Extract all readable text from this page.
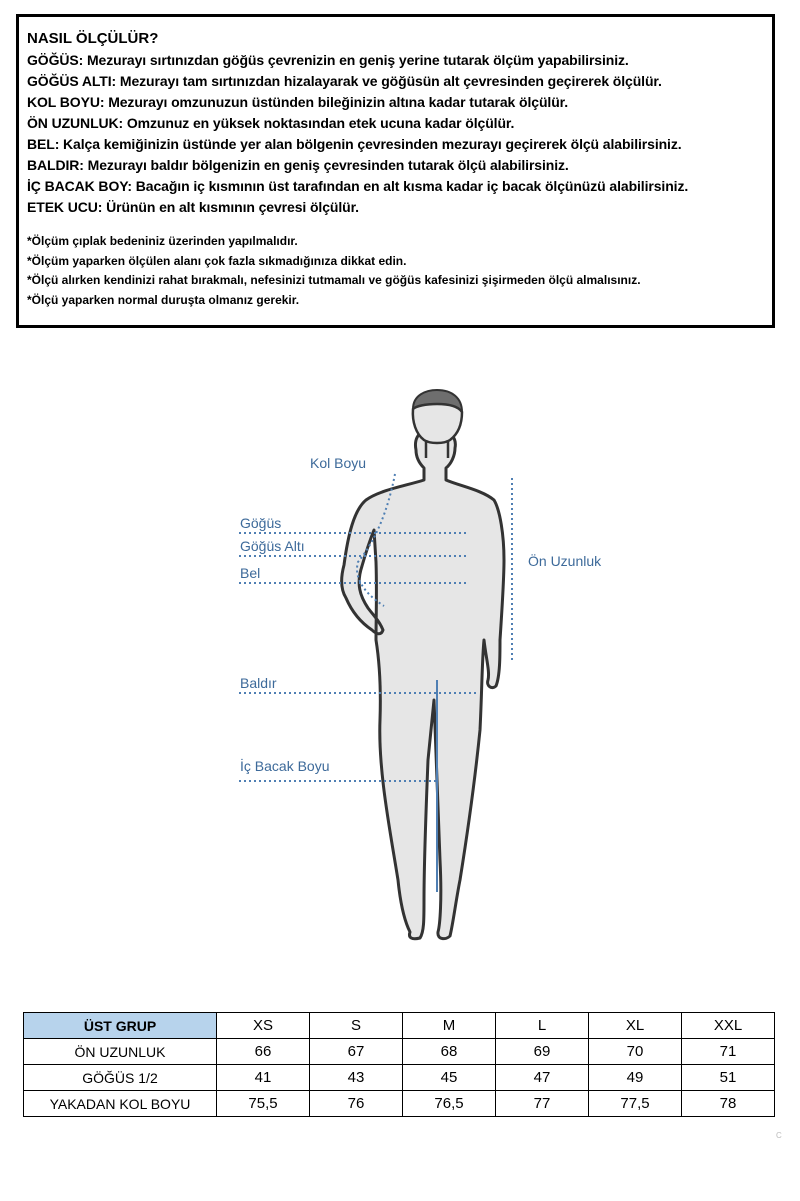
NASIL ÖLÇÜLÜR?
GÖĞÜS: Mezurayı sırtınızdan göğüs çevrenizin en geniş yerine tutarak ölçüm yapabilirsiniz.
GÖĞÜS ALTI: Mezurayı tam sırtınızdan hizalayarak ve göğüsün alt çevresinden geçirerek ölçülür.
KOL BOYU: Mezurayı omzunuzun üstünden bileğinizin altına kadar tutarak ölçülür.
ÖN UZUNLUK: Omzunuz en yüksek noktasından etek ucuna kadar ölçülür.
BEL: Kalça kemiğinizin üstünde yer alan bölgenin çevresinden mezurayı geçirerek ölçü alabilirsiniz.
BALDIR: Mezurayı baldır bölgenizin en geniş çevresinden tutarak ölçü alabilirsiniz.
İÇ BACAK BOY: Bacağın iç kısmının üst tarafından en alt kısma kadar iç bacak ölçünüzü alabilirsiniz.
ETEK UCU: Ürünün en alt kısmının çevresi ölçülür.
*Ölçüm çıplak bedeniniz üzerinden yapılmalıdır.
*Ölçüm yaparken ölçülen alanı çok fazla sıkmadığınıza dikkat edin.
*Ölçü alırken kendinizi rahat bırakmalı, nefesinizi tutmamalı ve göğüs kafesinizi şişirmeden ölçü almalısınız.
*Ölçü yaparken normal duruşta olmanız gerekir.
Kol Boyu
Göğüs
Göğüs Altı
Bel
Ön Uzunluk
Baldır
İç Bacak Boyu
ÜST GRUP	XS	S	M	L	XL	XXL
ÖN UZUNLUK	66	67	68	69	70	71
GÖĞÜS 1/2	41	43	45	47	49	51
YAKADAN KOL BOYU	75,5	76	76,5	77	77,5	78
C
